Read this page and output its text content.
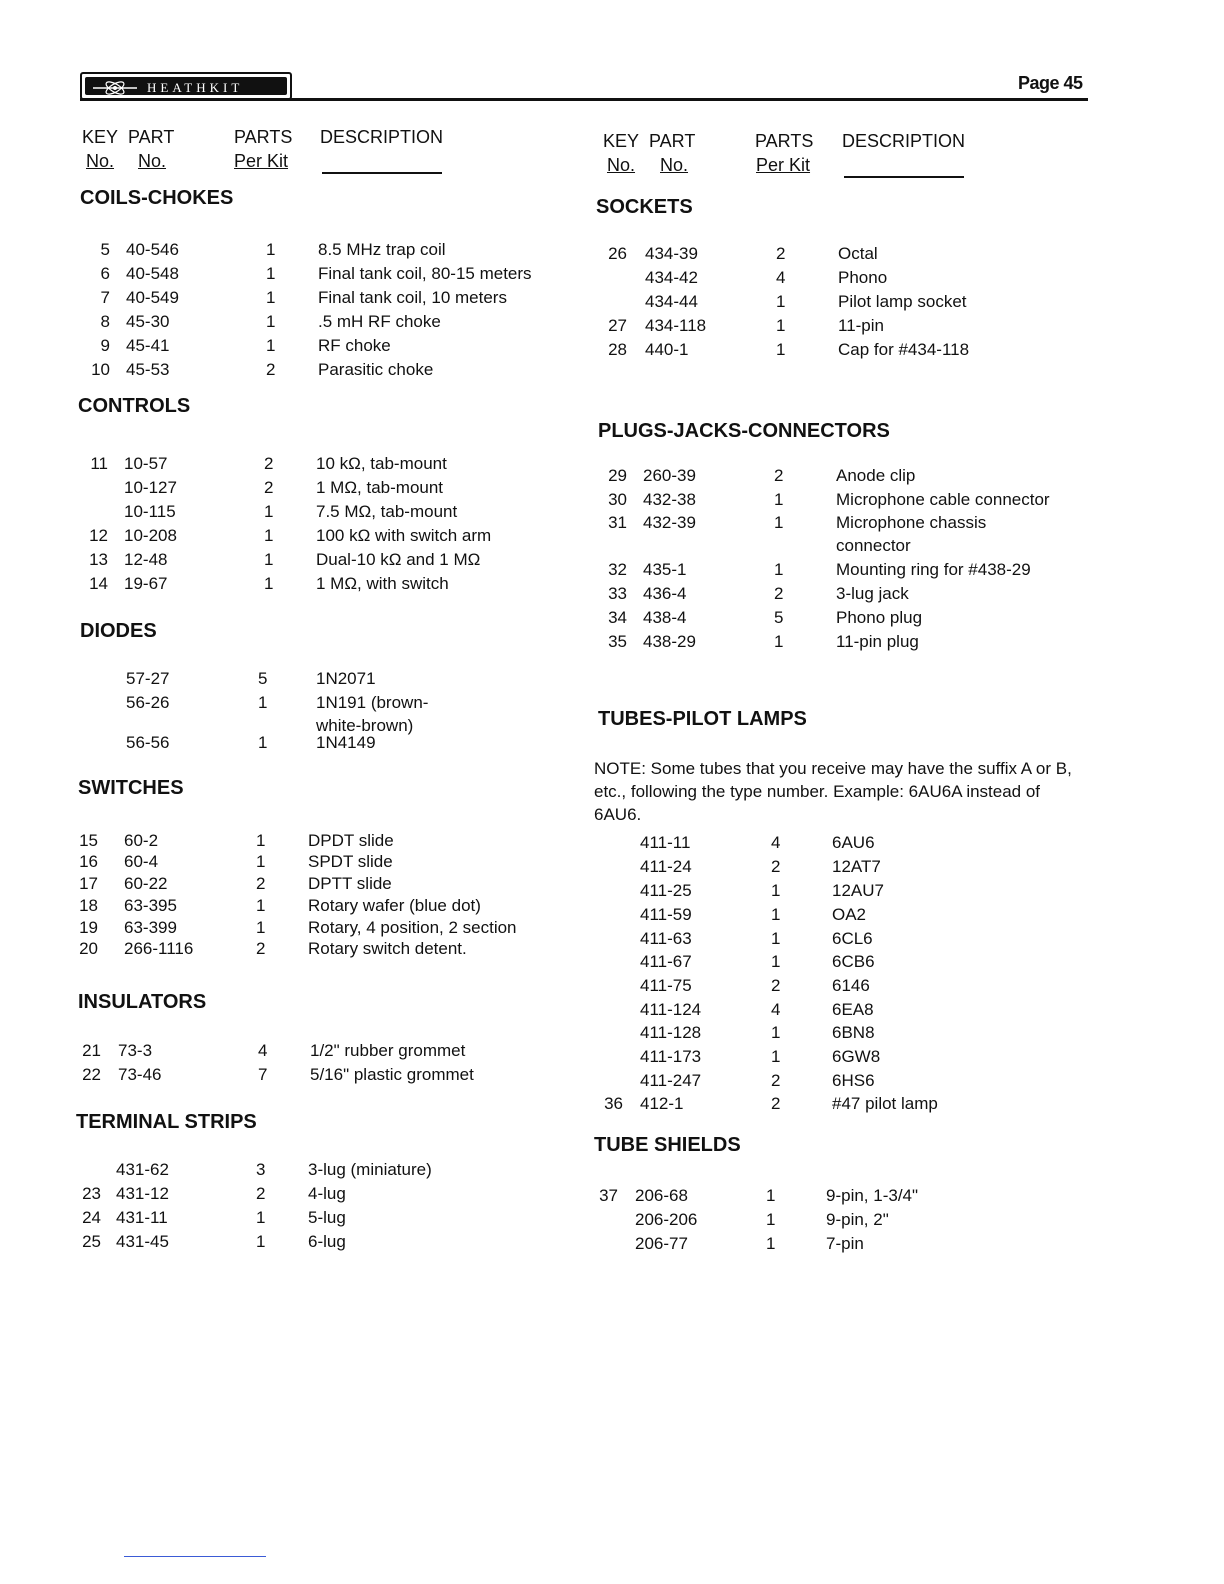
HEATHKIT	Page 45
KEY PART
No. No.
PARTS
Per Kit
DESCRIPTION	KEY PART
No. No.
PARTS
Per Kit
DESCRIPTION
COILS-CHOKES
5 40-546	1	8.5 MHz trap coil
6 40-548	1	Final tank coil, 80-15 meters
7 40-549	1	Final tank coil, 10 meters
8 45-30	1	.5 mH RF choke
9 45-41	1	RF choke
10 45-53	2	Parasitic choke
CONTROLS
11 10-57	2	10 kΩ, tab-mount
10-127	2	1 MΩ, tab-mount
10-115	1	7.5 MΩ, tab-mount
12 10-208	1	100 kΩ with switch arm
13 12-48	1	Dual-10 kΩ and 1 MΩ
14 19-67	1	1 MΩ, with switch
DIODES
57-27	5	1N2071
56-26	1	1N191 (brown-
white-brown)
56-56	1	1N4149
SWITCHES
15 60-2	1	DPDT slide
16 60-4	1	SPDT slide
17 60-22	2	DPTT slide
18 63-395	1	Rotary wafer (blue dot)
19 63-399	1	Rotary, 4 position, 2 section
20 266-1116	2	Rotary switch detent.
INSULATORS
21 73-3	4	1/2" rubber grommet
22 73-46	7	5/16" plastic grommet
TERMINAL STRIPS
431-62	3	3-lug (miniature)
23 431-12	2	4-lug
24 431-11	1	5-lug
25 431-45	1	6-lug
SOCKETS
26 434-39	2	Octal
434-42	4	Phono
434-44	1	Pilot lamp socket
27 434-118	1	11-pin
28 440-1	1	Cap for #434-118
PLUGS-JACKS-CONNECTORS
29 260-39	2	Anode clip
30 432-38	1	Microphone cable connector
31 432-39	1	Microphone chassis
connector
32 435-1	1	Mounting ring for #438-29
33 436-4	2	3-lug jack
34 438-4	5	Phono plug
35 438-29	1	11-pin plug
TUBES-PILOT LAMPS
NOTE: Some tubes that you receive may have the suffix A or B, etc., following the type number. Example: 6AU6A instead of 6AU6.
411-11	4	6AU6
411-24	2	12AT7
411-25	1	12AU7
411-59	1	OA2
411-63	1	6CL6
411-67	1	6CB6
411-75	2	6146
411-124	4	6EA8
411-128	1	6BN8
411-173	1	6GW8
411-247	2	6HS6
36 412-1	2	#47 pilot lamp
TUBE SHIELDS
37 206-68	1	9-pin, 1-3/4"
206-206	1	9-pin, 2"
206-77	1	7-pin
